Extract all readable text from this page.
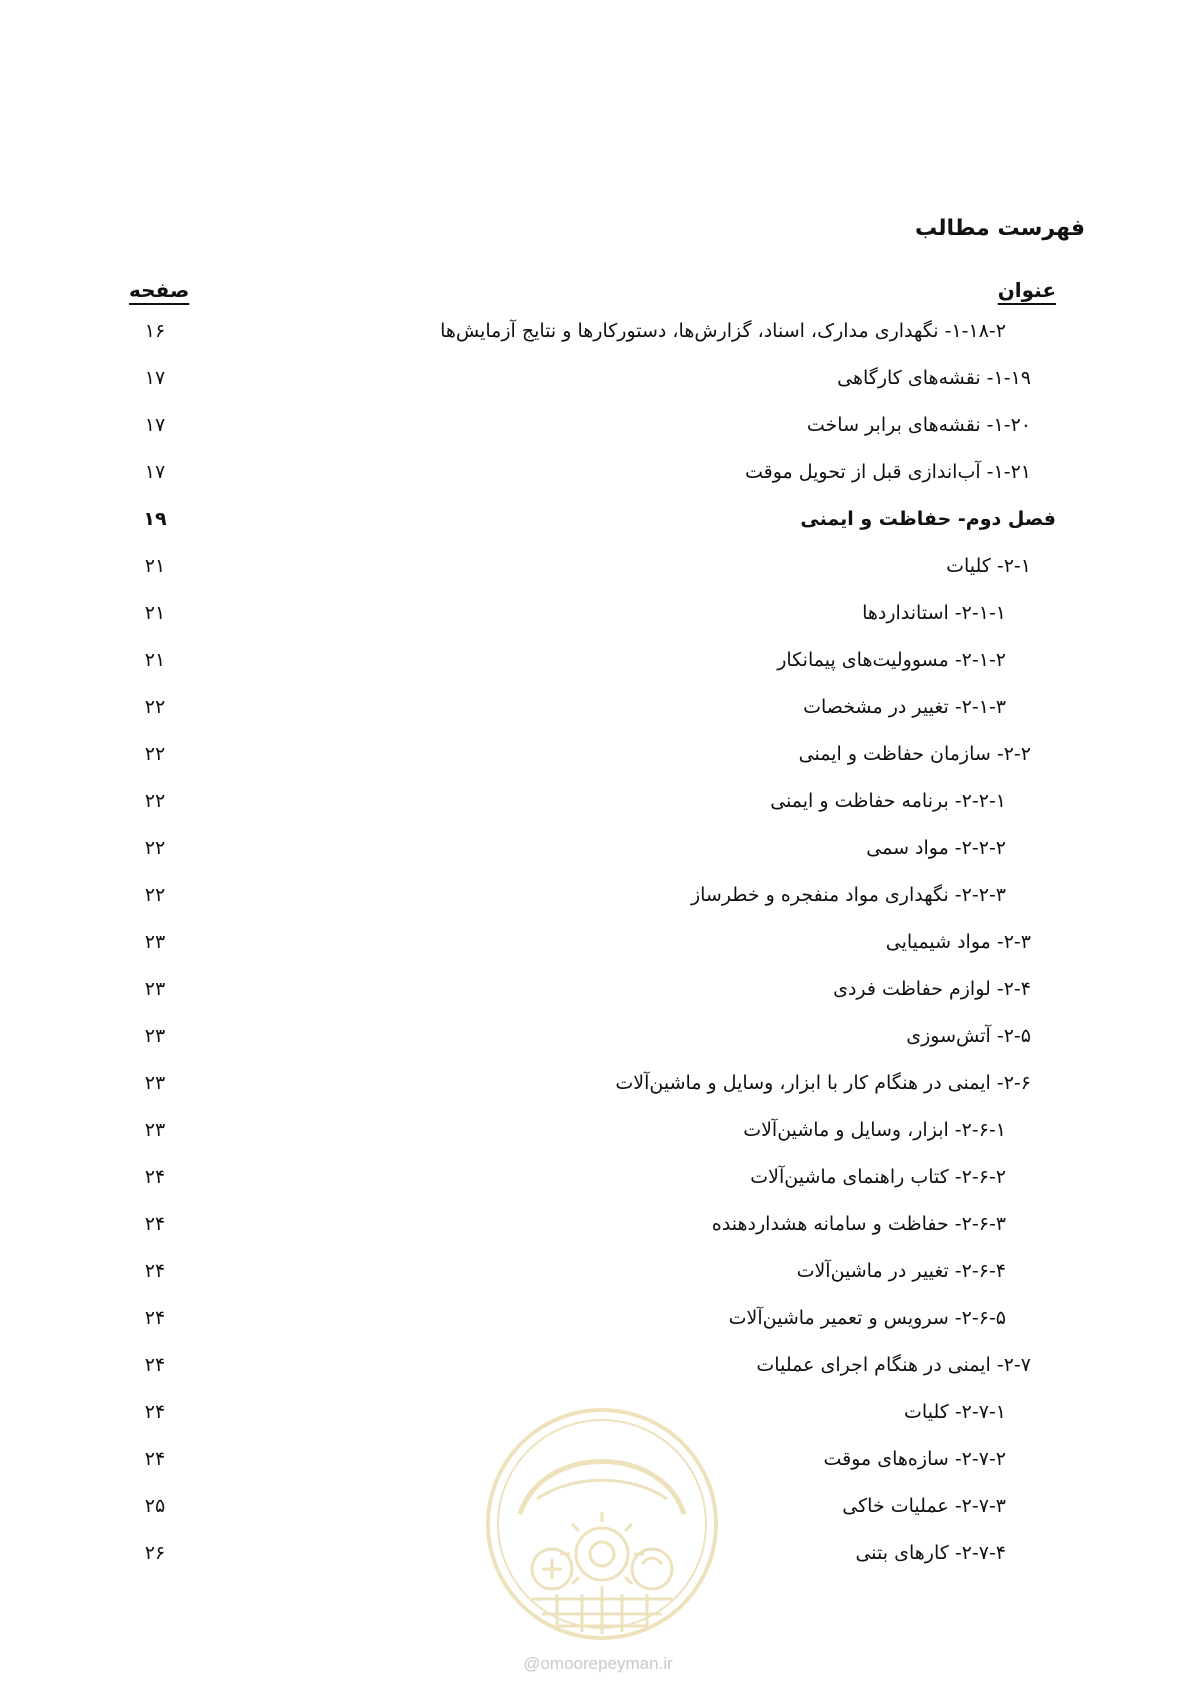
فهرست مطالب
عنوان
صفحه
۱-۱۸-۲- نگهداری مدارک، اسناد، گزارش‌ها، دستورکارها و نتایج آزمایش‌ها
۱۶
۱-۱۹- نقشه‌های کارگاهی
۱۷
۱-۲۰- نقشه‌های برابر ساخت
۱۷
۱-۲۱- آب‌اندازی قبل از تحویل موقت
۱۷
فصل دوم- حفاظت و ایمنی
۱۹
۲-۱- کلیات
۲۱
۲-۱-۱- استانداردها
۲۱
۲-۱-۲- مسوولیت‌های پیمانکار
۲۱
۲-۱-۳- تغییر در مشخصات
۲۲
۲-۲- سازمان حفاظت و ایمنی
۲۲
۲-۲-۱- برنامه حفاظت و ایمنی
۲۲
۲-۲-۲- مواد سمی
۲۲
۲-۲-۳- نگهداری مواد منفجره و خطرساز
۲۲
۲-۳- مواد شیمیایی
۲۳
۲-۴- لوازم حفاظت فردی
۲۳
۲-۵- آتش‌سوزی
۲۳
۲-۶- ایمنی در هنگام کار با ابزار، وسایل و ماشین‌آلات
۲۳
۲-۶-۱- ابزار، وسایل و ماشین‌آلات
۲۳
۲-۶-۲- کتاب راهنمای ماشین‌آلات
۲۴
۲-۶-۳- حفاظت و سامانه هشداردهنده
۲۴
۲-۶-۴- تغییر در ماشین‌آلات
۲۴
۲-۶-۵- سرویس و تعمیر ماشین‌آلات
۲۴
۲-۷- ایمنی در هنگام اجرای عملیات
۲۴
۲-۷-۱- کلیات
۲۴
۲-۷-۲- سازه‌های موقت
۲۴
۲-۷-۳- عملیات خاکی
۲۵
۲-۷-۴- کارهای بتنی
۲۶
@omoorepeyman.ir
